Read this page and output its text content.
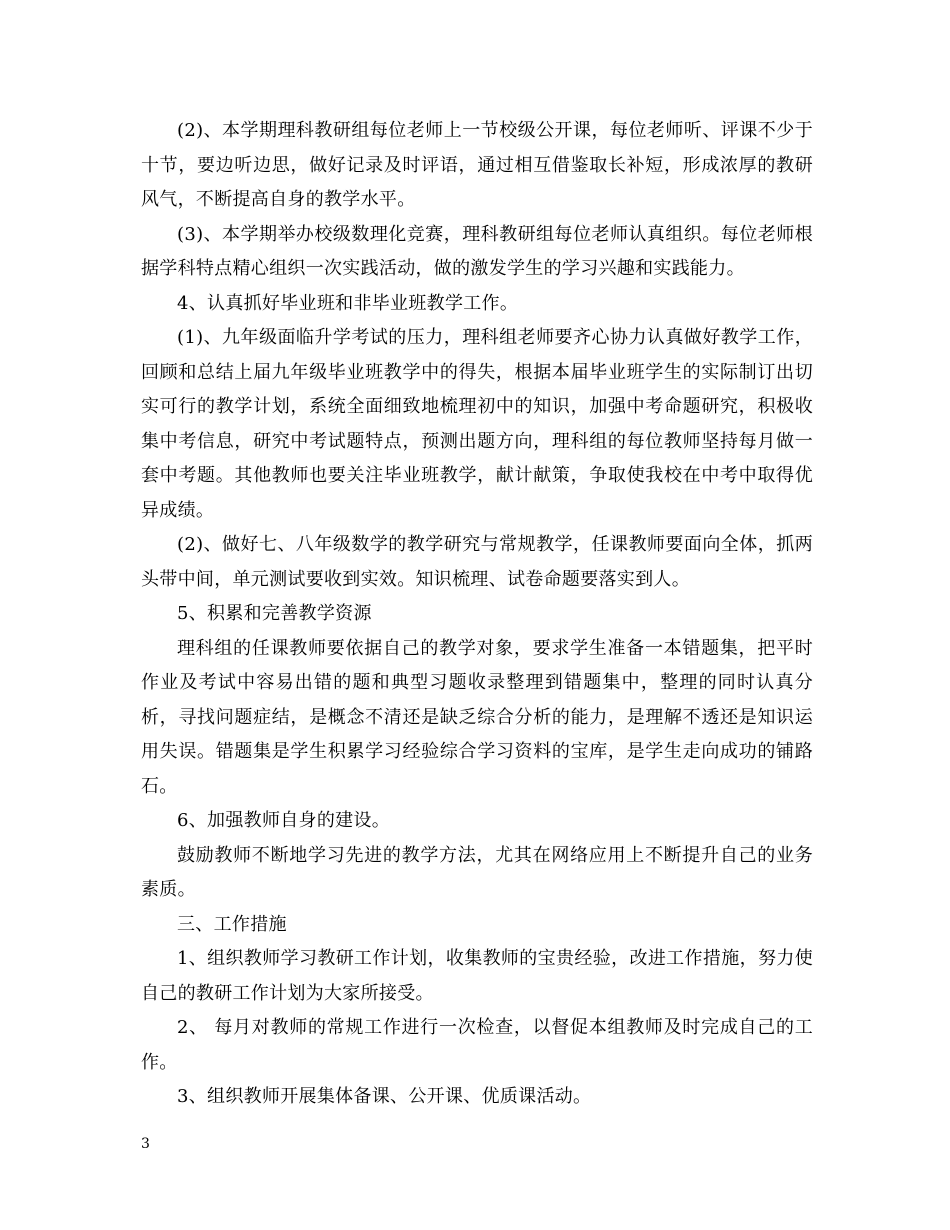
(2)、本学期理科教研组每位老师上一节校级公开课，每位老师听、评课不少于十节，要边听边思，做好记录及时评语，通过相互借鉴取长补短，形成浓厚的教研风气，不断提高自身的教学水平。

(3)、本学期举办校级数理化竞赛，理科教研组每位老师认真组织。每位老师根据学科特点精心组织一次实践活动，做的激发学生的学习兴趣和实践能力。

4、认真抓好毕业班和非毕业班教学工作。

(1)、九年级面临升学考试的压力，理科组老师要齐心协力认真做好教学工作，回顾和总结上届九年级毕业班教学中的得失，根据本届毕业班学生的实际制订出切实可行的教学计划，系统全面细致地梳理初中的知识，加强中考命题研究，积极收集中考信息，研究中考试题特点，预测出题方向，理科组的每位教师坚持每月做一套中考题。其他教师也要关注毕业班教学，献计献策，争取使我校在中考中取得优异成绩。

(2)、做好七、八年级数学的教学研究与常规教学，任课教师要面向全体，抓两头带中间，单元测试要收到实效。知识梳理、试卷命题要落实到人。

5、积累和完善教学资源

理科组的任课教师要依据自己的教学对象，要求学生准备一本错题集，把平时作业及考试中容易出错的题和典型习题收录整理到错题集中，整理的同时认真分析，寻找问题症结，是概念不清还是缺乏综合分析的能力，是理解不透还是知识运用失误。错题集是学生积累学习经验综合学习资料的宝库，是学生走向成功的铺路石。

6、加强教师自身的建设。

鼓励教师不断地学习先进的教学方法，尤其在网络应用上不断提升自己的业务素质。

三、工作措施

1、组织教师学习教研工作计划，收集教师的宝贵经验，改进工作措施，努力使自己的教研工作计划为大家所接受。

2、 每月对教师的常规工作进行一次检查，以督促本组教师及时完成自己的工作。

3、组织教师开展集体备课、公开课、优质课活动。

3
